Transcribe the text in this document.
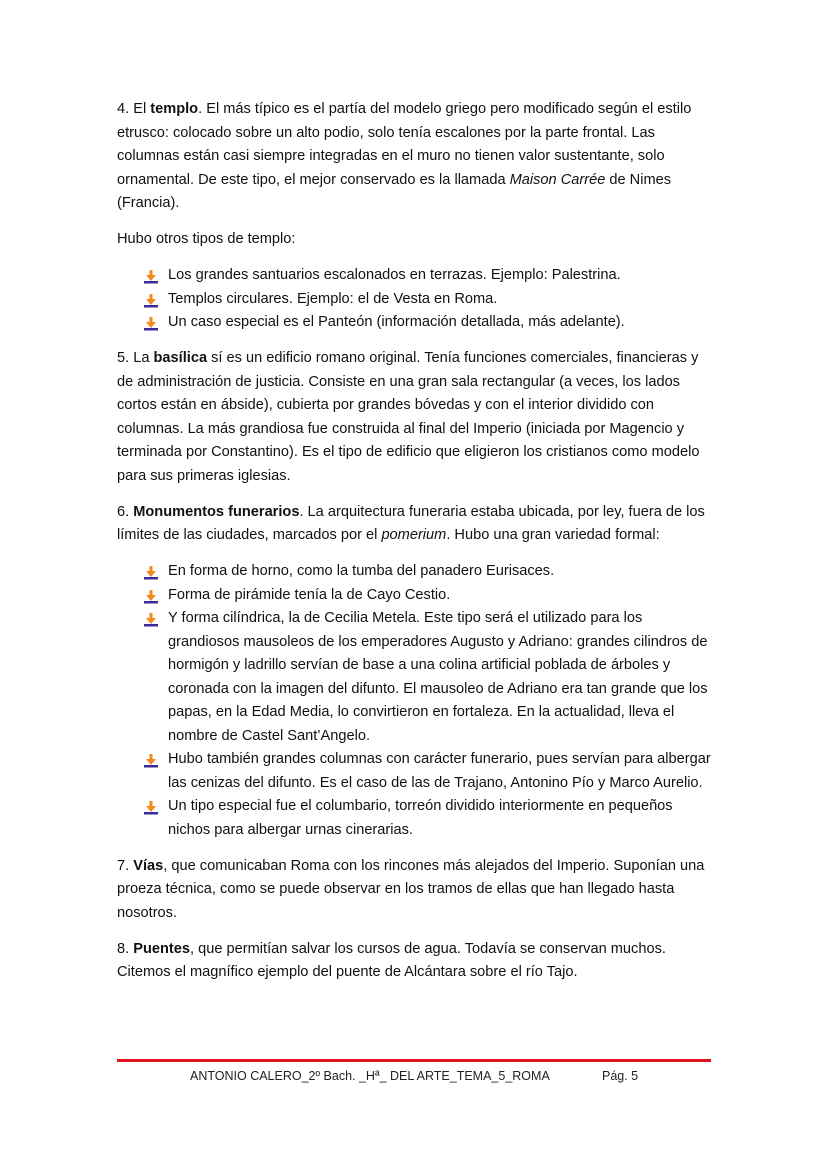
4. El templo. El más típico es el partía del modelo griego pero modificado según el estilo etrusco: colocado sobre un alto podio, solo tenía escalones por la parte frontal. Las columnas están casi siempre integradas en el muro no tienen valor sustentante, solo ornamental. De este tipo, el mejor conservado es la llamada Maison Carrée de Nimes (Francia).

Hubo otros tipos de templo:

Los grandes santuarios escalonados en terrazas. Ejemplo: Palestrina.
Templos circulares. Ejemplo: el de Vesta en Roma.
Un caso especial es el Panteón (información detallada, más adelante).

5. La basílica sí es un edificio romano original. Tenía funciones comerciales, financieras y de administración de justicia. Consiste en una gran sala rectangular (a veces, los lados cortos están en ábside), cubierta por grandes bóvedas y con el interior dividido con columnas. La más grandiosa fue construida al final del Imperio (iniciada por Magencio y terminada por Constantino). Es el tipo de edificio que eligieron los cristianos como modelo para sus primeras iglesias.

6. Monumentos funerarios. La arquitectura funeraria estaba ubicada, por ley, fuera de los límites de las ciudades, marcados por el pomerium. Hubo una gran variedad formal:

En forma de horno, como la tumba del panadero Eurisaces.
Forma de pirámide tenía la de Cayo Cestio.
Y forma cilíndrica, la de Cecilia Metela. Este tipo será el utilizado para los grandiosos mausoleos de los emperadores Augusto y Adriano: grandes cilindros de hormigón y ladrillo servían de base a una colina artificial poblada de árboles y coronada con la imagen del difunto. El mausoleo de Adriano era tan grande que los papas, en la Edad Media, lo convirtieron en fortaleza. En la actualidad, lleva el nombre de Castel Sant’Angelo.
Hubo también grandes columnas con carácter funerario, pues servían para albergar las cenizas del difunto. Es el caso de las de Trajano, Antonino Pío y Marco Aurelio.
Un tipo especial fue el columbario, torreón dividido interiormente en pequeños nichos para albergar urnas cinerarias.

7. Vías, que comunicaban Roma con los rincones más alejados del Imperio. Suponían una proeza técnica, como se puede observar en los tramos de ellas que han llegado hasta nosotros.

8. Puentes, que permitían salvar los cursos de agua. Todavía se conservan muchos. Citemos el magnífico ejemplo del puente de Alcántara sobre el río Tajo.

ANTONIO CALERO_2º Bach. _Hª_ DEL ARTE_TEMA_5_ROMA	Pág. 5
